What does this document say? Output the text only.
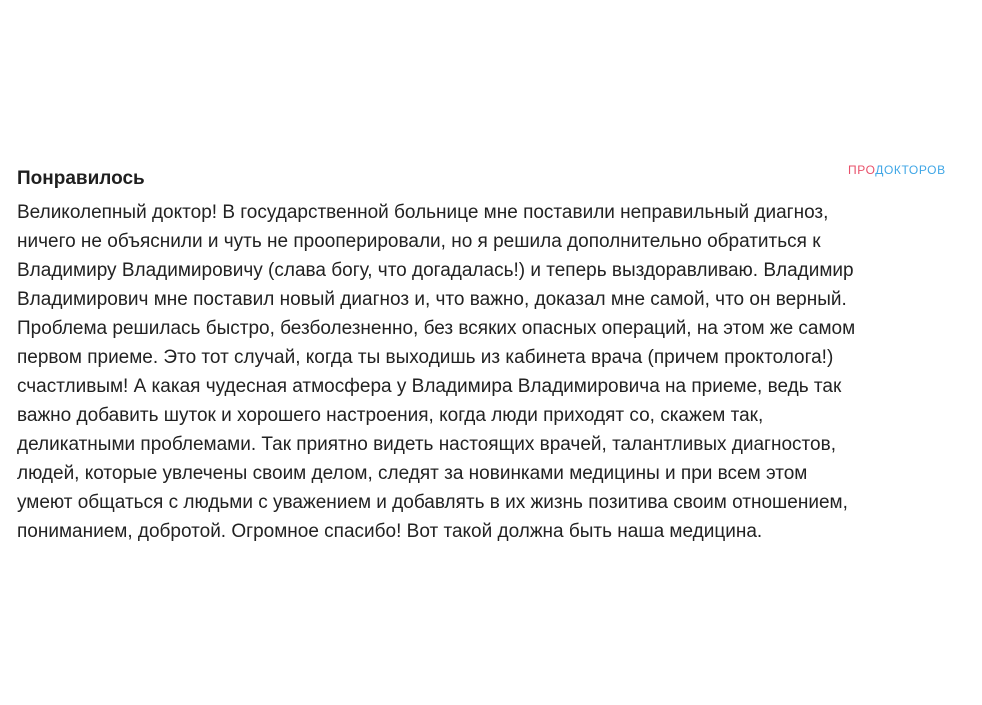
ПРОДОКТОРОВ
Понравилось

Великолепный доктор! В государственной больнице мне поставили неправильный диагноз,
ничего не объяснили и чуть не прооперировали, но я решила дополнительно обратиться к
Владимиру Владимировичу (слава богу, что догадалась!) и теперь выздоравливаю. Владимир
Владимирович мне поставил новый диагноз и, что важно, доказал мне самой, что он верный.
Проблема решилась быстро, безболезненно, без всяких опасных операций, на этом же самом
первом приеме. Это тот случай, когда ты выходишь из кабинета врача (причем проктолога!)
счастливым! А какая чудесная атмосфера у Владимира Владимировича на приеме, ведь так
важно добавить шуток и хорошего настроения, когда люди приходят со, скажем так,
деликатными проблемами. Так приятно видеть настоящих врачей, талантливых диагностов,
людей, которые увлечены своим делом, следят за новинками медицины и при всем этом
умеют общаться с людьми с уважением и добавлять в их жизнь позитива своим отношением,
пониманием, добротой. Огромное спасибо! Вот такой должна быть наша медицина.
